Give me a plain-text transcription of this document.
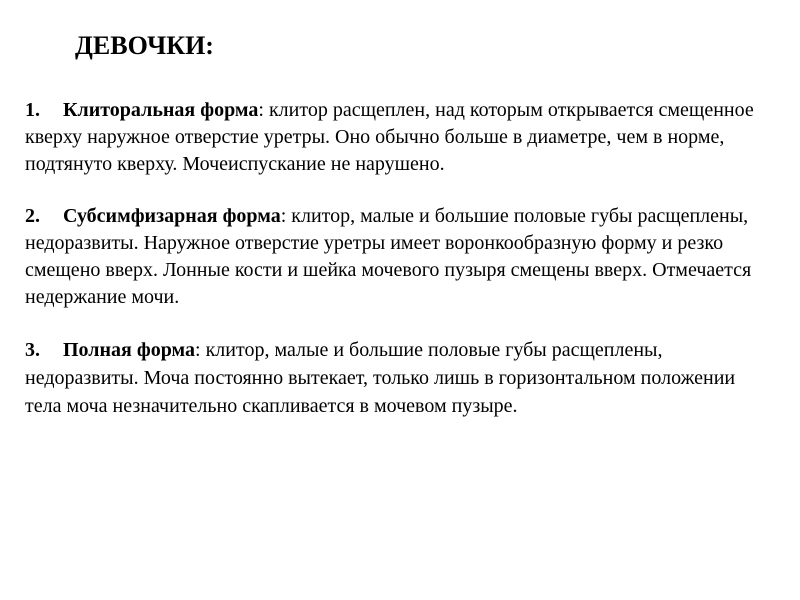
ДЕВОЧКИ:

1. Клиторальная форма: клитор расщеплен, над которым открывается смещенное кверху наружное отверстие уретры. Оно обычно больше в диаметре, чем в норме, подтянуто кверху. Мочеиспускание не нарушено.

2. Субсимфизарная форма: клитор, малые и большие половые губы расщеплены, недоразвиты. Наружное отверстие уретры имеет воронкообразную форму и резко смещено вверх. Лонные кости и шейка мочевого пузыря смещены вверх. Отмечается недержание мочи.

3. Полная форма: клитор, малые и большие половые губы расщеплены, недоразвиты. Моча постоянно вытекает, только лишь в горизонтальном положении тела моча незначительно скапливается в мочевом пузыре.
